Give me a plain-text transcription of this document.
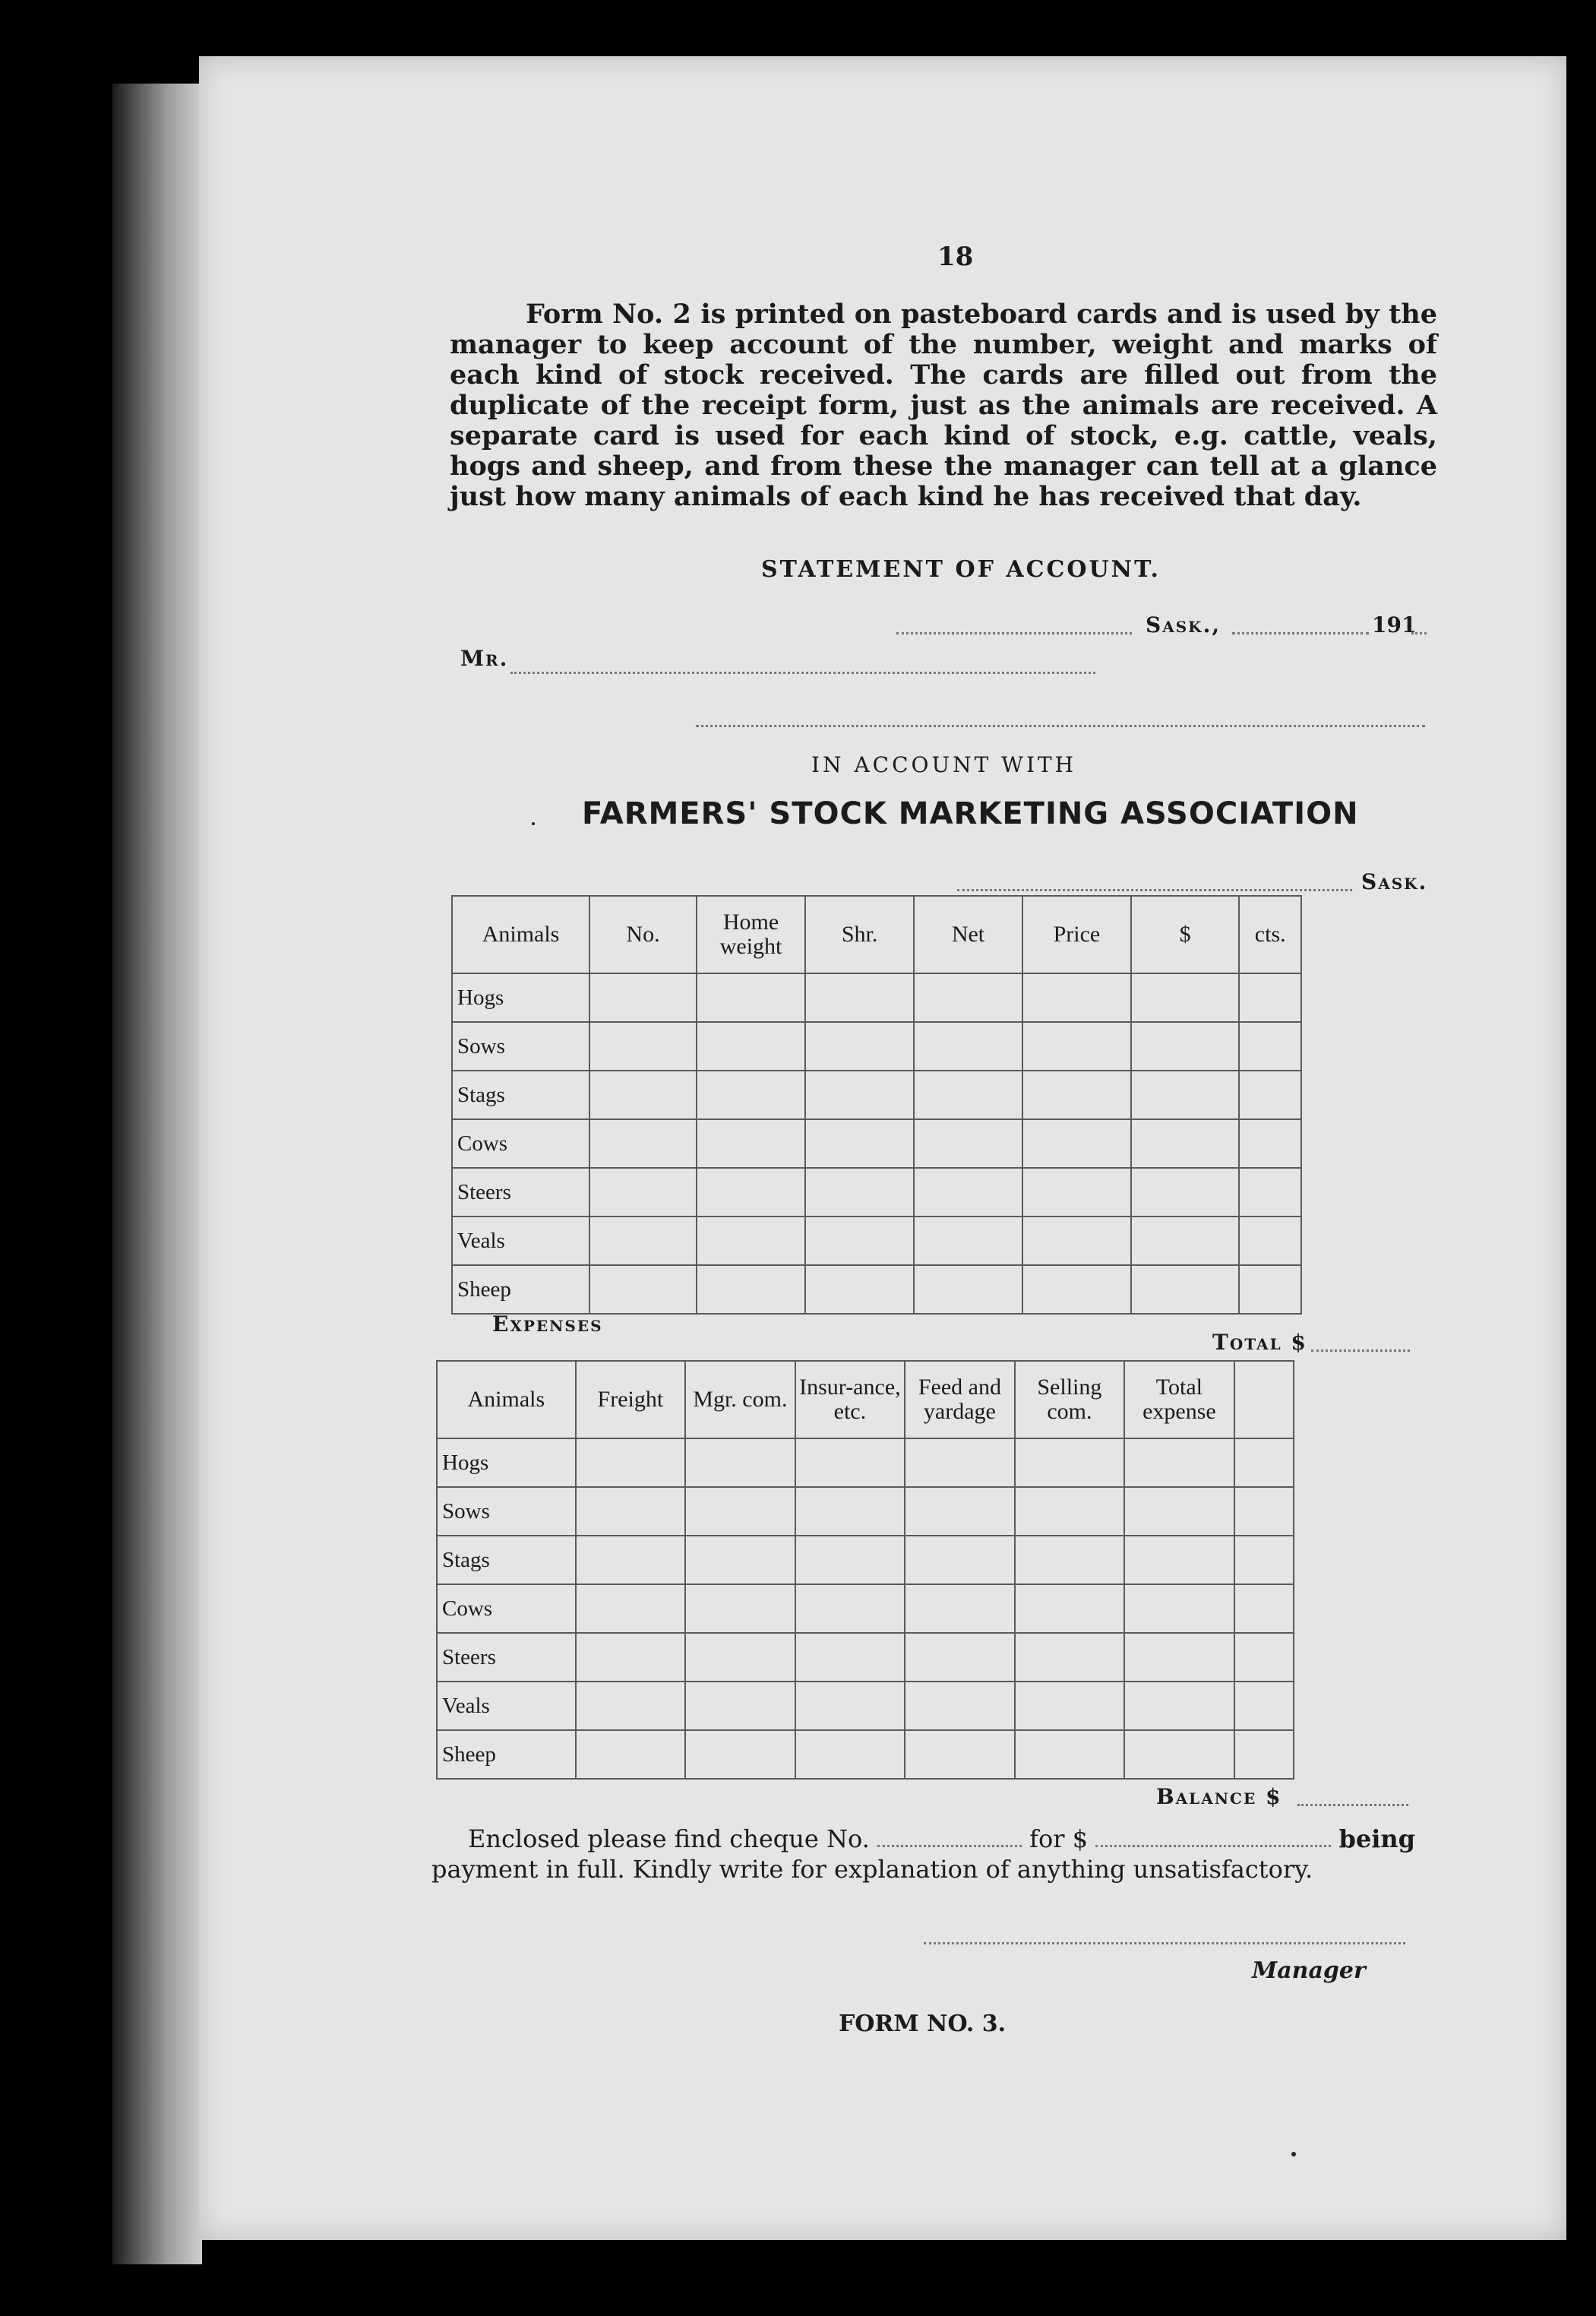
18

Form No. 2 is printed on pasteboard cards and is used by the manager to keep account of the number, weight and marks of each kind of stock received. The cards are filled out from the duplicate of the receipt form, just as the animals are received. A separate card is used for each kind of stock, e.g. cattle, veals, hogs and sheep, and from these the manager can tell at a glance just how many animals of each kind he has received that day.

STATEMENT OF ACCOUNT.
Sask.,	191
Mr.
IN ACCOUNT WITH
FARMERS' STOCK MARKETING ASSOCIATION
Sask.
Animals	No.	Home weight	Shr.	Net	Price	$	cts.
Hogs							
Sows							
Stags							
Cows							
Steers							
Veals							
Sheep							
Expenses
Total $
Animals	Freight	Mgr. com.	Insur-ance, etc.	Feed and yardage	Selling com.	Total expense	
Hogs							
Sows							
Stags							
Cows							
Steers							
Veals							
Sheep							
Balance $
Enclosed please find cheque No.	for $	being
payment in full. Kindly write for explanation of anything unsatisfactory.
Manager
FORM NO. 3.
